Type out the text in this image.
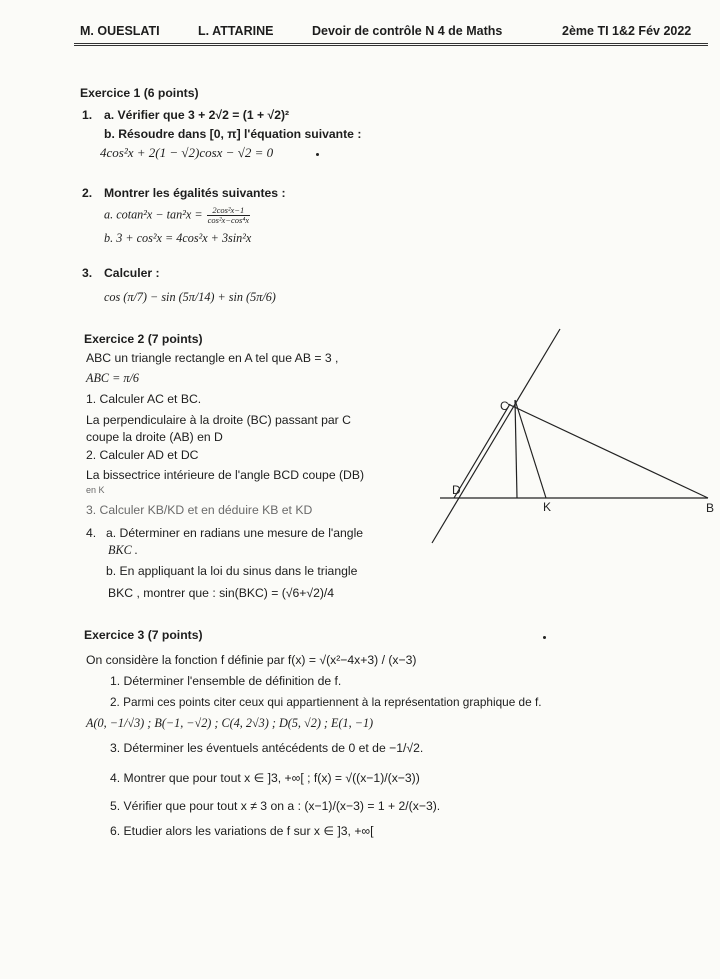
M. OUESLATI	L. ATTARINE	Devoir de contrôle N 4 de Maths	2ème TI 1&2 Fév 2022
Exercice 1 (6 points)
1. a. Vérifier que 3 + 2√2 = (1 + √2)²
b. Résoudre dans [0, π] l'équation suivante :
4cos²x + 2(1 − √2)cosx − √2 = 0
2. Montrer les égalités suivantes :
a. $cotan^2x - \tan^2x = \frac{\text{2cos²x−1}}{\text{cos²x−cos⁴x}}$
b. 3 + cos²x = 4cos²x + 3sin²x
3. Calculer :
cos (π/7) − sin (5π/14) + sin (5π/6)
Exercice 2 (7 points)
ABC un triangle rectangle en A tel que AB = 3 ,
ABC = π/6
1. Calculer AC et BC.
La perpendiculaire à la droite (BC) passant par C
coupe la droite (AB) en D
2. Calculer AD et DC
La bissectrice intérieure de l'angle BCD coupe (DB)
en K
3. Calculer KB/KD et en déduire KB et KD
4. a. Déterminer en radians une mesure de l'angle
BKC .
b. En appliquant la loi du sinus dans le triangle
BKC , montrer que : sin(BKC) = (√6+√2)/4
C
D
K	B
Exercice 3 (7 points)
On considère la fonction f définie par f(x) = √(x²−4x+3) / (x−3)
1. Déterminer l'ensemble de définition de f.
2. Parmi ces points citer ceux qui appartiennent à la représentation graphique de f.
A(0, −1/√3) ; B(−1, −√2) ; C(4, 2√3) ; D(5, √2) ; E(1, −1)
3. Déterminer les éventuels antécédents de 0 et de −1/√2.
4. Montrer que pour tout x ∈ ]3, +∞[ ; f(x) = √((x−1)/(x−3))
5. Vérifier que pour tout x ≠ 3 on a : (x−1)/(x−3) = 1 + 2/(x−3).
6. Etudier alors les variations de f sur x ∈ ]3, +∞[
